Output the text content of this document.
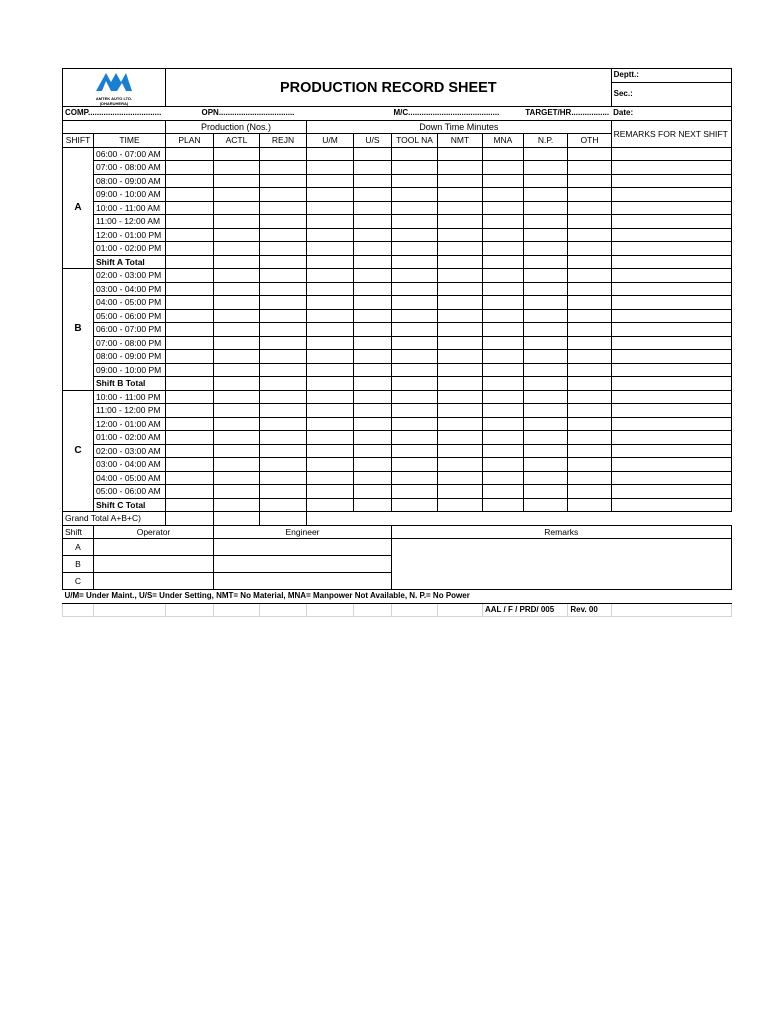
AMTEK AUTO LTD.
(DHARUHERA)		PRODUCTION RECORD SHEET										Deptt.:

												Sec.:

COMP.................................				OPN..................................			M/C.........................................			TARGET/HR.................		Date:
		Production (Nos.)			Down Time Minutes							REMARKS FOR NEXT SHIFT
SHIFT	TIME	PLAN	ACTL	REJN	U/M	U/S	TOOL NA	NMT	MNA	N.P.	OTH	
A	06:00 - 07:00 AM											
	07:00 - 08:00 AM											
	08:00 - 09:00 AM											
	09:00 - 10:00 AM											
	10:00 - 11:00 AM											
	11:00 - 12:00 AM											
	12:00 - 01:00 PM											
	01:00 - 02:00 PM											
	Shift A Total											
B	02:00 - 03:00 PM											
	03:00 - 04:00 PM											
	04:00 - 05:00 PM											
	05:00 - 06:00 PM											
	06:00 - 07:00 PM											
	07:00 - 08:00 PM											
	08:00 - 09:00 PM											
	09:00 - 10:00 PM											
	Shift B Total											
C	10:00 - 11:00 PM											
	11:00 - 12:00 PM											
	12:00 - 01:00 AM											
	01:00 - 02:00 AM											
	02:00 - 03:00 AM											
	03:00 - 04:00 AM											
	04:00 - 05:00 AM											
	05:00 - 06:00 AM											
	Shift C Total											
Grand Total A+B+C)												
Shift	Operator		Engineer				Remarks					
A												
B												
C												
U/M= Under Maint., U/S= Under Setting, NMT= No Material, MNA= Manpower Not Available, N. P.= No Power												
									AAL / F / PRD/ 005		Rev. 00	
